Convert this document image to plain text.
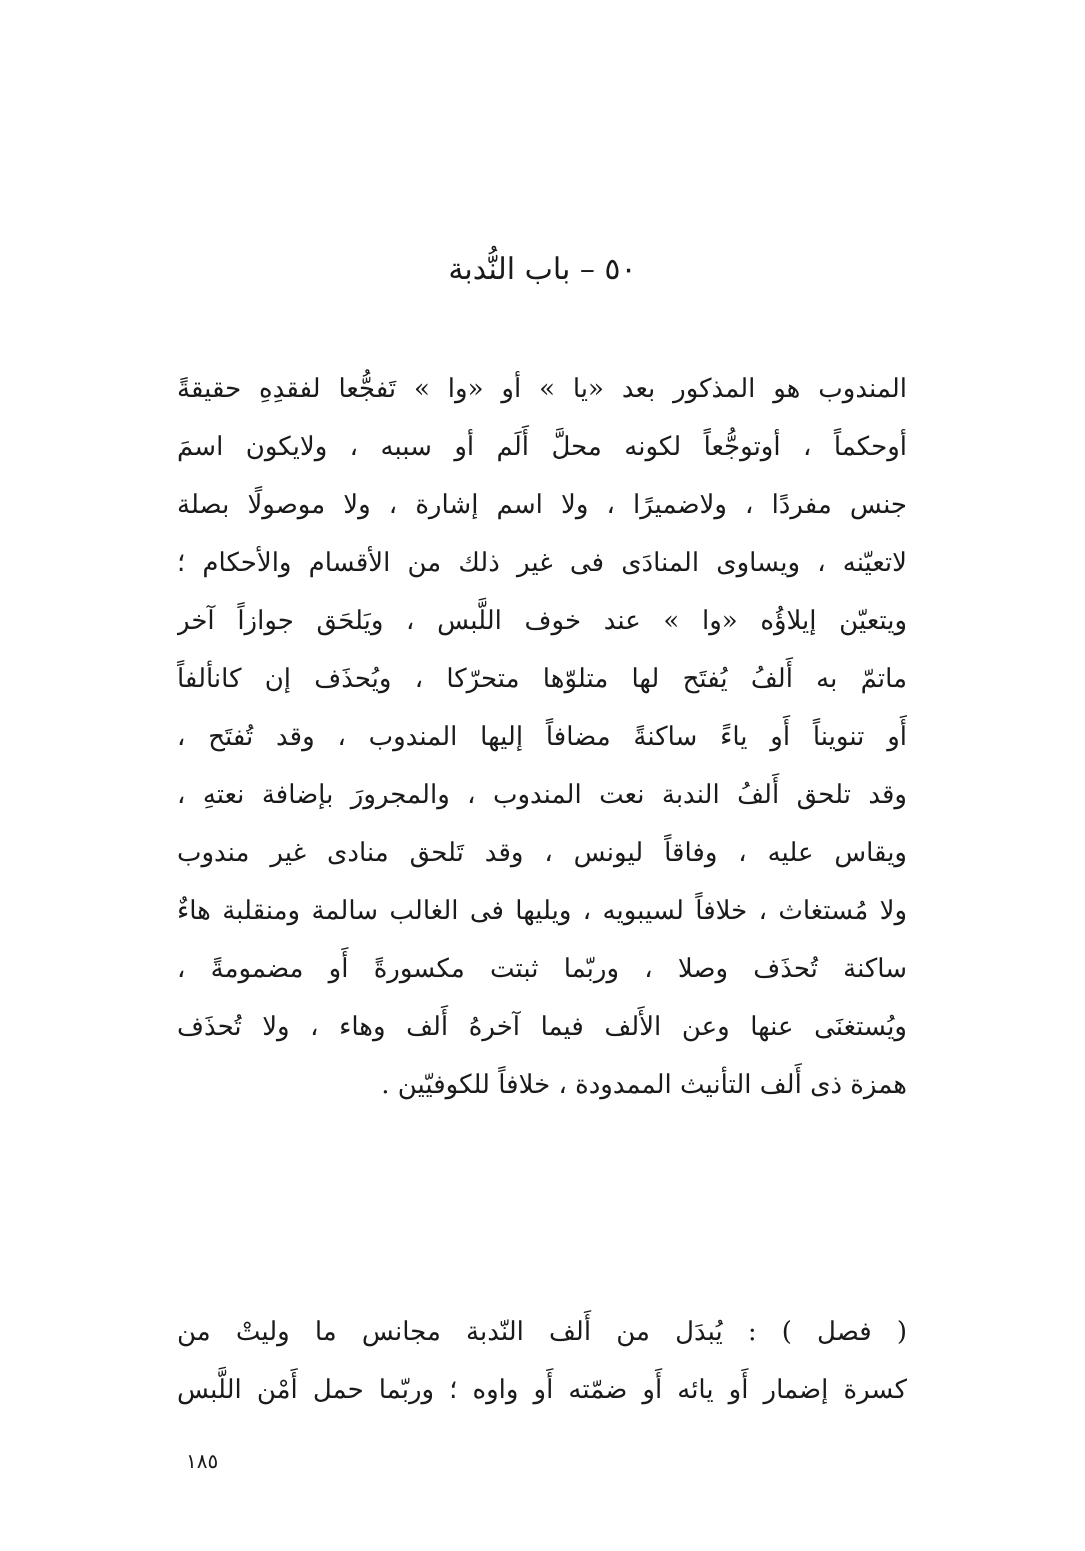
٥٠ – باب النُّدبة
المندوب هو المذكور بعد «يا » أو «وا » تَفجُّعا لفقدِهِ حقيقةً
أوحكماً ، أوتوجُّعاً لكونه محلَّ أَلَم أو سببه ، ولايكون اسمَ
جنس مفردًا ، ولاضميرًا ، ولا اسم إشارة ، ولا موصولًا بصلة
لاتعيّنه ، ويساوى المنادَى فى غير ذلك من الأقسام والأحكام ؛
ويتعيّن إيلاؤُه «وا » عند خوف اللَّبس ، ويَلحَق جوازاً آخر
ماتمّ به أَلفُ يُفتَح لها متلوّها متحرّكا ، ويُحذَف إن كانألفاً
أَو تنويناً أَو ياءً ساكنةً مضافاً إليها المندوب ، وقد تُفتَح ،
وقد تلحق أَلفُ الندبة نعت المندوب ، والمجرورَ بإضافة نعتهِ ،
ويقاس عليه ، وفاقاً ليونس ، وقد تَلحق منادى غير مندوب
ولا مُستغاث ، خلافاً لسيبويه ، ويليها فى الغالب سالمة ومنقلبة هاءٌ
ساكنة تُحذَف وصلا ، وربّما ثبتت مكسورةً أَو مضمومةً ،
ويُستغنَى عنها وعن الأَلف فيما آخرهُ أَلف وهاء ، ولا تُحذَف
همزة ذى أَلف التأنيث الممدودة ، خلافاً للكوفيّين .
( فصل ) : يُبدَل من أَلف النّدبة مجانس ما وليتْ من
كسرة إضمار أَو يائه أَو ضمّته أَو واوه ؛ وربّما حمل أَمْن اللَّبس
١٨٥
